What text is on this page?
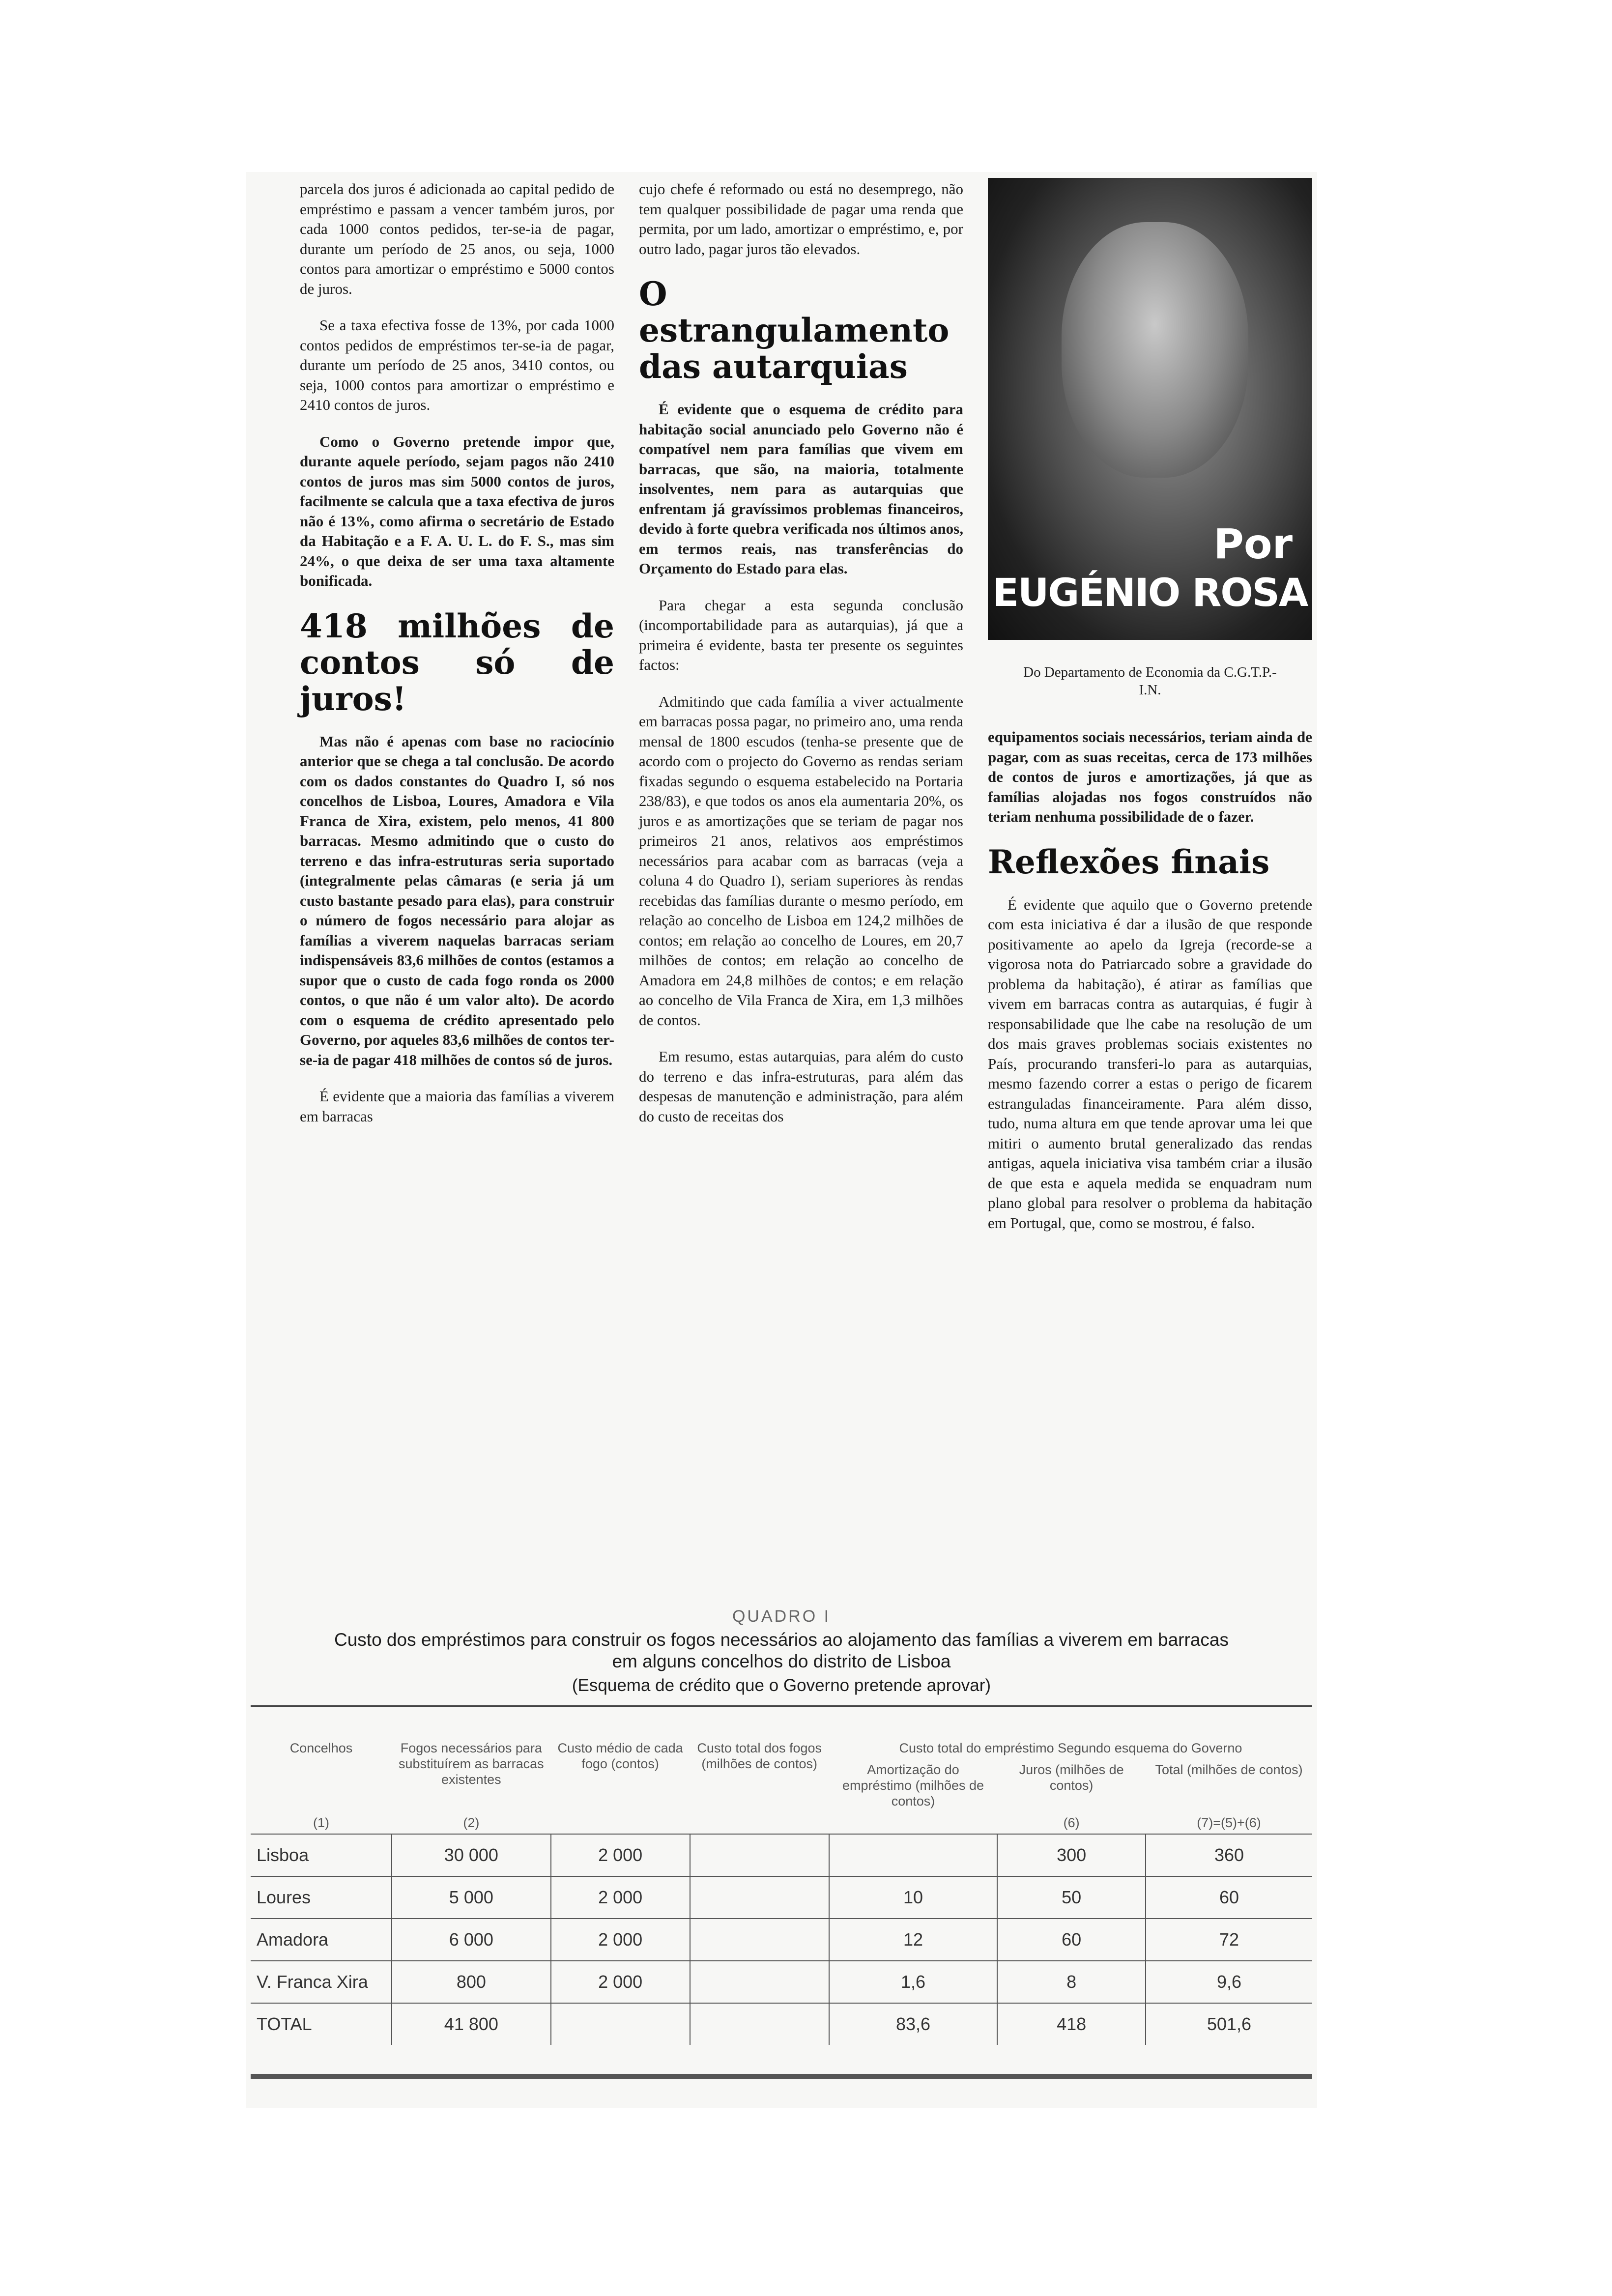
parcela dos juros é adicionada ao capital pedido de empréstimo e passam a vencer também juros, por cada 1000 contos pedidos, ter-se-ia de pagar, durante um período de 25 anos, ou seja, 1000 contos para amortizar o empréstimo e 5000 contos de juros.

Se a taxa efectiva fosse de 13%, por cada 1000 contos pedidos de empréstimos ter-se-ia de pagar, durante um período de 25 anos, 3410 contos, ou seja, 1000 contos para amortizar o empréstimo e 2410 contos de juros.

Como o Governo pretende impor que, durante aquele período, sejam pagos não 2410 contos de juros mas sim 5000 contos de juros, facilmente se calcula que a taxa efectiva de juros não é 13%, como afirma o secretário de Estado da Habitação e a F. A. U. L. do F. S., mas sim 24%, o que deixa de ser uma taxa altamente bonificada.

418 milhões de contos só de juros!

Mas não é apenas com base no raciocínio anterior que se chega a tal conclusão. De acordo com os dados constantes do Quadro I, só nos concelhos de Lisboa, Loures, Amadora e Vila Franca de Xira, existem, pelo menos, 41 800 barracas. Mesmo admitindo que o custo do terreno e das infra-estruturas seria suportado (integralmente pelas câmaras (e seria já um custo bastante pesado para elas), para construir o número de fogos necessário para alojar as famílias a viverem naquelas barracas seriam indispensáveis 83,6 milhões de contos (estamos a supor que o custo de cada fogo ronda os 2000 contos, o que não é um valor alto). De acordo com o esquema de crédito apresentado pelo Governo, por aqueles 83,6 milhões de contos ter-se-ia de pagar 418 milhões de contos só de juros.

É evidente que a maioria das famílias a viverem em barracas

cujo chefe é reformado ou está no desemprego, não tem qualquer possibilidade de pagar uma renda que permita, por um lado, amortizar o empréstimo, e, por outro lado, pagar juros tão elevados.

O estrangulamento das autarquias

É evidente que o esquema de crédito para habitação social anunciado pelo Governo não é compatível nem para famílias que vivem em barracas, que são, na maioria, totalmente insolventes, nem para as autarquias que enfrentam já gravíssimos problemas financeiros, devido à forte quebra verificada nos últimos anos, em termos reais, nas transferências do Orçamento do Estado para elas.

Para chegar a esta segunda conclusão (incomportabilidade para as autarquias), já que a primeira é evidente, basta ter presente os seguintes factos:

Admitindo que cada família a viver actualmente em barracas possa pagar, no primeiro ano, uma renda mensal de 1800 escudos (tenha-se presente que de acordo com o projecto do Governo as rendas seriam fixadas segundo o esquema estabelecido na Portaria 238/83), e que todos os anos ela aumentaria 20%, os juros e as amortizações que se teriam de pagar nos primeiros 21 anos, relativos aos empréstimos necessários para acabar com as barracas (veja a coluna 4 do Quadro I), seriam superiores às rendas recebidas das famílias durante o mesmo período, em relação ao concelho de Lisboa em 124,2 milhões de contos; em relação ao concelho de Loures, em 20,7 milhões de contos; em relação ao concelho de Amadora em 24,8 milhões de contos; e em relação ao concelho de Vila Franca de Xira, em 1,3 milhões de contos.

Em resumo, estas autarquias, para além do custo do terreno e das infra-estruturas, para além das despesas de manutenção e administração, para além do custo de receitas dos

Por
EUGÉNIO ROSA
Do Departamento de Economia da C.G.T.P.-I.N.

equipamentos sociais necessários, teriam ainda de pagar, com as suas receitas, cerca de 173 milhões de contos de juros e amortizações, já que as famílias alojadas nos fogos construídos não teriam nenhuma possibilidade de o fazer.

Reflexões finais

É evidente que aquilo que o Governo pretende com esta iniciativa é dar a ilusão de que responde positivamente ao apelo da Igreja (recorde-se a vigorosa nota do Patriarcado sobre a gravidade do problema da habitação), é atirar as famílias que vivem em barracas contra as autarquias, é fugir à responsabilidade que lhe cabe na resolução de um dos mais graves problemas sociais existentes no País, procurando transferi-lo para as autarquias, mesmo fazendo correr a estas o perigo de ficarem estranguladas financeiramente. Para além disso, tudo, numa altura em que tende aprovar uma lei que mitiri o aumento brutal generalizado das rendas antigas, aquela iniciativa visa também criar a ilusão de que esta e aquela medida se enquadram num plano global para resolver o problema da habitação em Portugal, que, como se mostrou, é falso.

QUADRO I
Custo dos empréstimos para construir os fogos necessários ao alojamento das famílias a viverem em barracas em alguns concelhos do distrito de Lisboa
(Esquema de crédito que o Governo pretende aprovar)
Concelhos	Fogos necessários para substituírem as barracas existentes	Custo médio de cada fogo (contos)	Custo total dos fogos (milhões de contos)	Custo total do empréstimo Segundo esquema do Governo		
				Amortização do empréstimo (milhões de contos)	Juros (milhões de contos)	Total (milhões de contos)
(1)	(2)				(6)	(7)=(5)+(6)
Lisboa	30 000	2 000			300	360
Loures	5 000	2 000		10	50	60
Amadora	6 000	2 000		12	60	72
V. Franca Xira	800	2 000		1,6	8	9,6
TOTAL	41 800			83,6	418	501,6
